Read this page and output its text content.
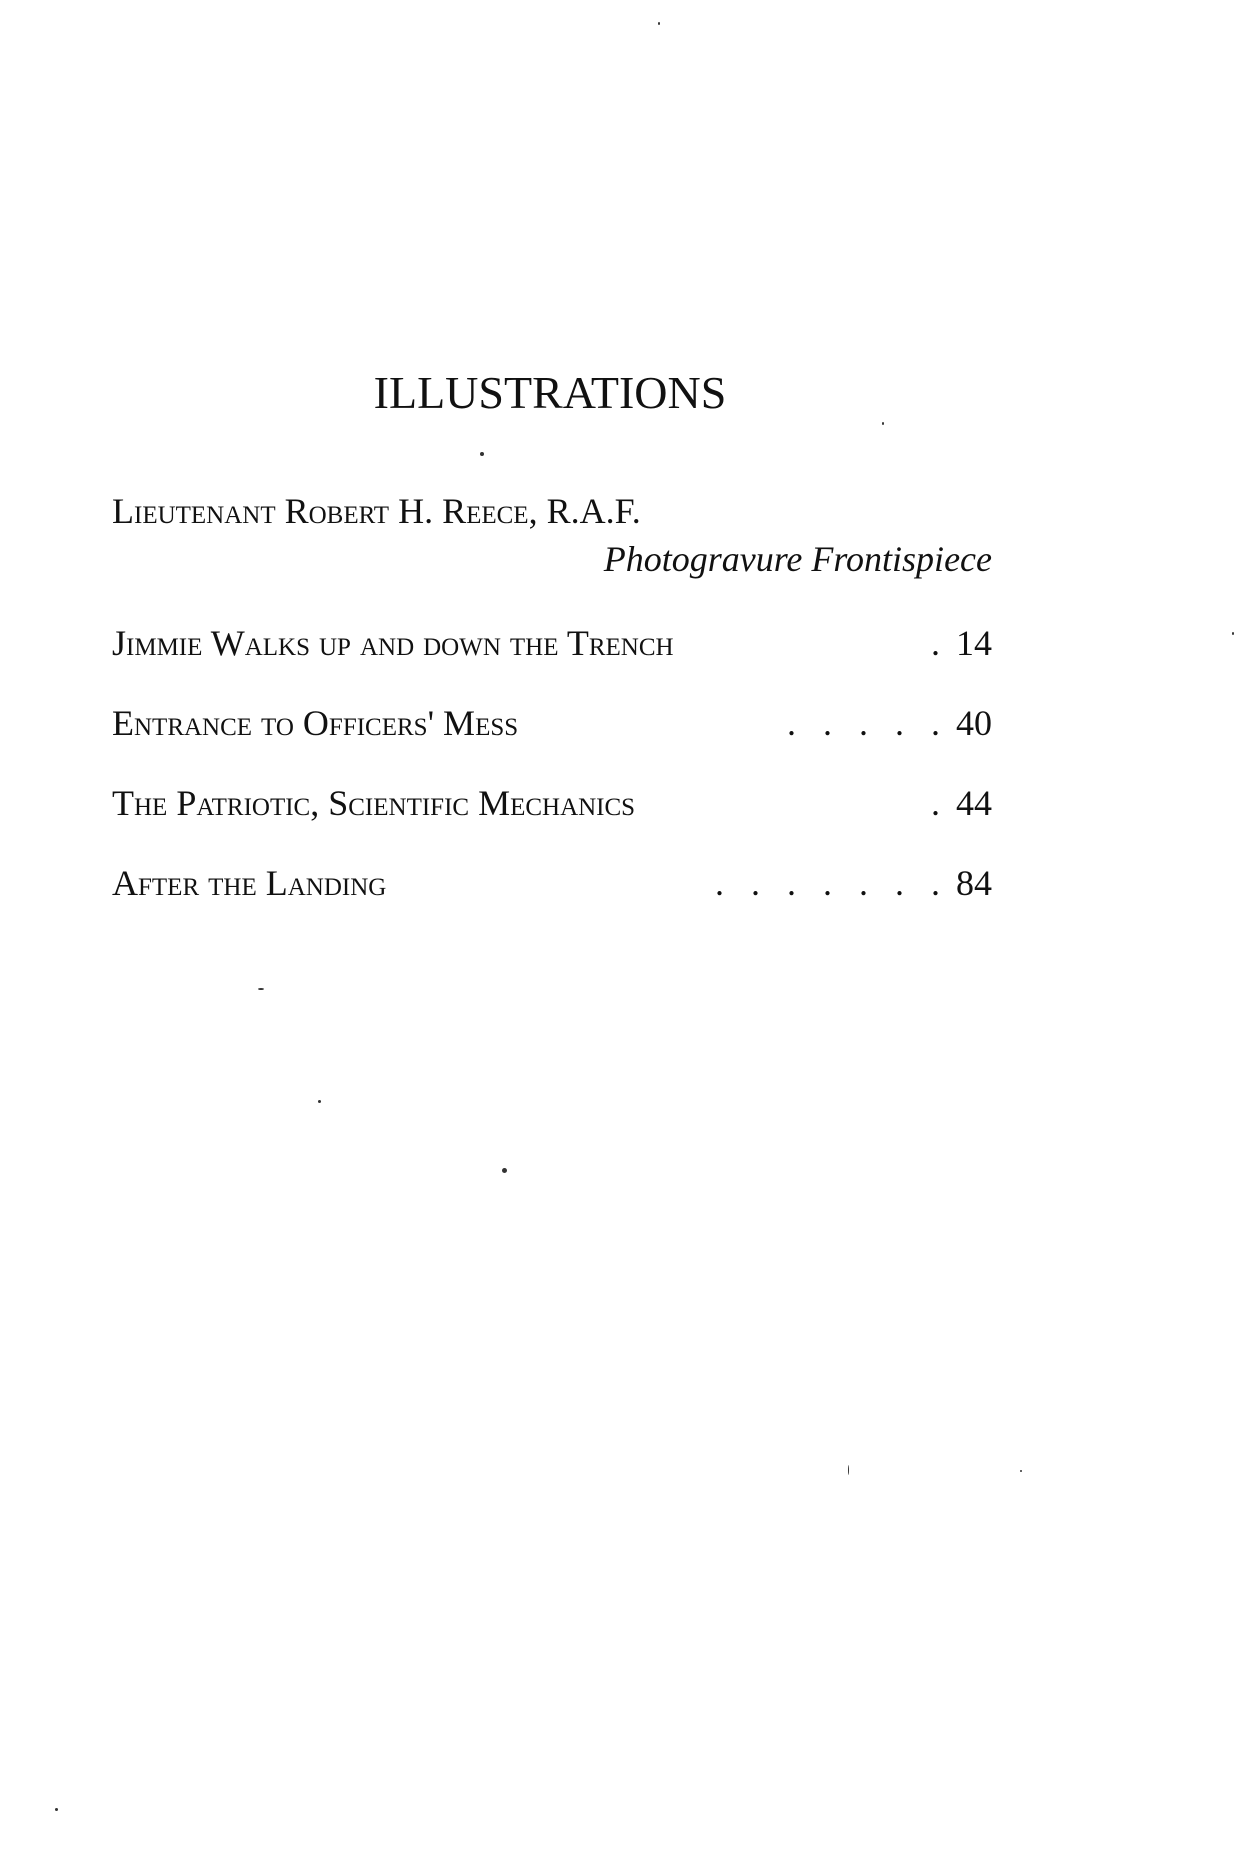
ILLUSTRATIONS
Lieutenant Robert H. Reece, R.A.F.
Photogravure Frontispiece
Jimmie Walks up and down the Trench	. 14
Entrance to Officers' Mess	.   .   .   .   . 40
The Patriotic, Scientific Mechanics	. 44
After the Landing	.   .   .   .   .   .   . 84
